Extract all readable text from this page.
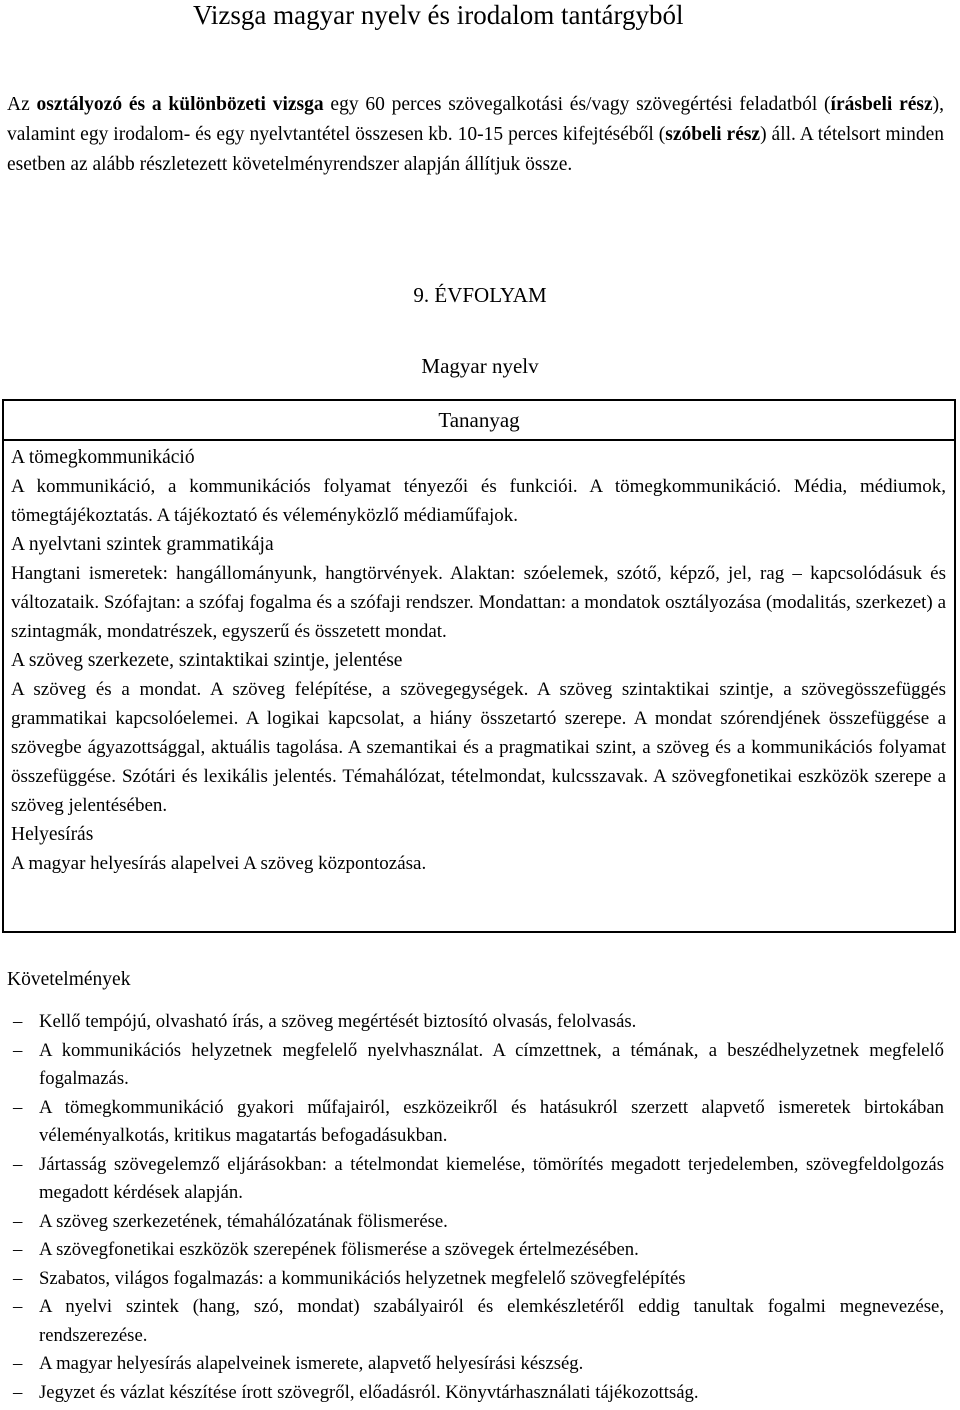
Vizsga magyar nyelv és irodalom tantárgyból
Az osztályozó és a különbözeti vizsga egy 60 perces szövegalkotási és/vagy szövegértési feladatból (írásbeli rész), valamint egy irodalom- és egy nyelvtantétel összesen kb. 10-15 perces kifejtéséből (szóbeli rész) áll. A tételsort minden esetben az alább részletezett követelményrendszer alapján állítjuk össze.
9. ÉVFOLYAM
Magyar nyelv
Tananyag

A tömegkommunikáció

A kommunikáció, a kommunikációs folyamat tényezői és funkciói. A tömegkommunikáció. Média, médiumok, tömegtájékoztatás. A tájékoztató és véleményközlő médiaműfajok.

A nyelvtani szintek grammatikája

Hangtani ismeretek: hangállományunk, hangtörvények. Alaktan: szóelemek, szótő, képző, jel, rag – kapcsolódásuk és változataik. Szófajtan: a szófaj fogalma és a szófaji rendszer. Mondattan: a mondatok osztályozása (modalitás, szerkezet) a szintagmák, mondatrészek, egyszerű és összetett mondat.

A szöveg szerkezete, szintaktikai szintje, jelentése

A szöveg és a mondat. A szöveg felépítése, a szövegegységek. A szöveg szintaktikai szintje, a szövegösszefüggés grammatikai kapcsolóelemei. A logikai kapcsolat, a hiány összetartó szerepe. A mondat szórendjének összefüggése a szövegbe ágyazottsággal, aktuális tagolása. A szemantikai és a pragmatikai szint, a szöveg és a kommunikációs folyamat összefüggése. Szótári és lexikális jelentés. Témahálózat, tételmondat, kulcsszavak. A szövegfonetikai eszközök szerepe a szöveg jelentésében.

Helyesírás

A magyar helyesírás alapelvei A szöveg központozása.

Követelmények
– Kellő tempójú, olvasható írás, a szöveg megértését biztosító olvasás, felolvasás.
– A kommunikációs helyzetnek megfelelő nyelvhasználat. A címzettnek, a témának, a beszédhelyzetnek megfelelő fogalmazás.
– A tömegkommunikáció gyakori műfajairól, eszközeikről és hatásukról szerzett alapvető ismeretek birtokában véleményalkotás, kritikus magatartás befogadásukban.
– Jártasság szövegelemző eljárásokban: a tételmondat kiemelése, tömörítés megadott terjedelemben, szövegfeldolgozás megadott kérdések alapján.
– A szöveg szerkezetének, témahálózatának fölismerése.
– A szövegfonetikai eszközök szerepének fölismerése a szövegek értelmezésében.
– Szabatos, világos fogalmazás: a kommunikációs helyzetnek megfelelő szövegfelépítés
– A nyelvi szintek (hang, szó, mondat) szabályairól és elemkészletéről eddig tanultak fogalmi megnevezése, rendszerezése.
– A magyar helyesírás alapelveinek ismerete, alapvető helyesírási készség.
– Jegyzet és vázlat készítése írott szövegről, előadásról. Könyvtárhasználati tájékozottság.
